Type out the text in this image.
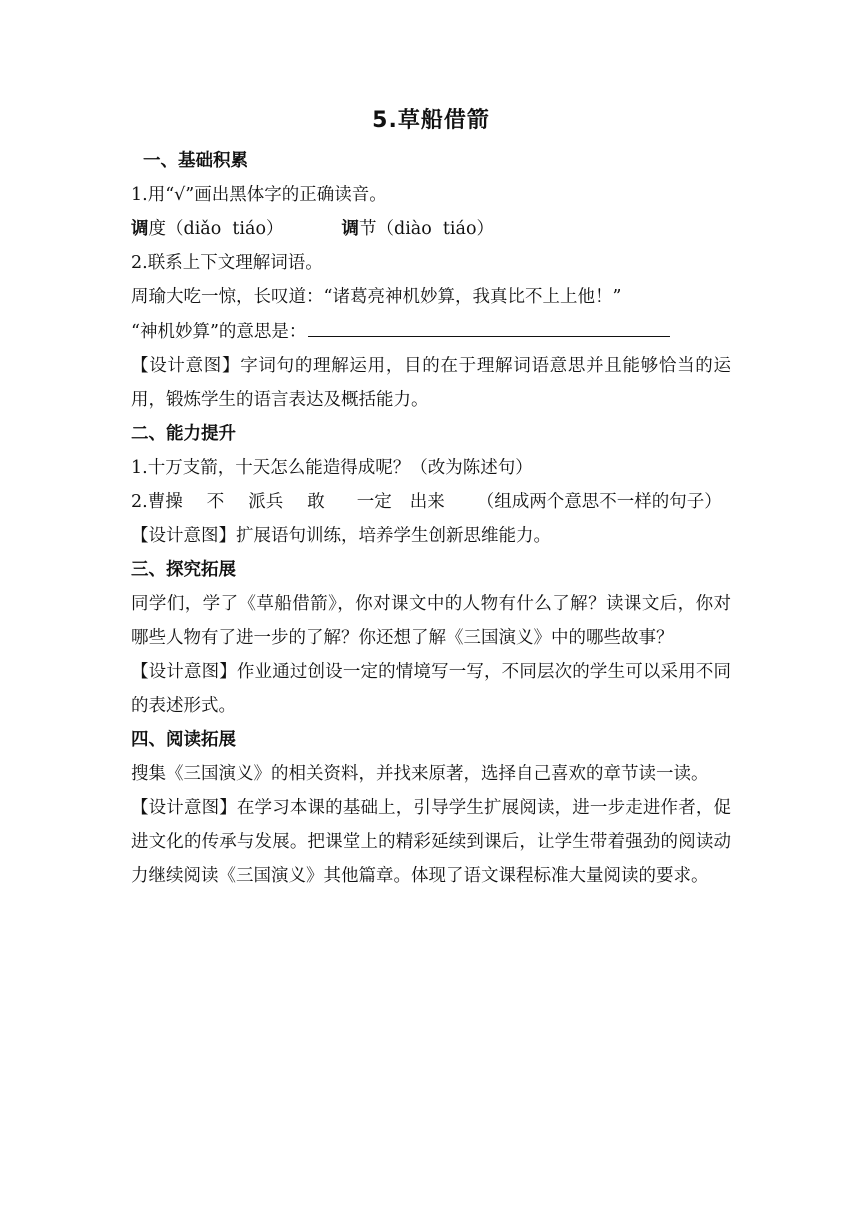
5.草船借箭
一、基础积累
1.用“√”画出黑体字的正确读音。
调度（diǎo  tiáo）	调节（diào  tiáo）
2.联系上下文理解词语。
周瑜大吃一惊，长叹道：“诸葛亮神机妙算，我真比不上上他！”
“神机妙算”的意思是：
【设计意图】字词句的理解运用，目的在于理解词语意思并且能够恰当的运用，锻炼学生的语言表达及概括能力。
二、能力提升
1.十万支箭，十天怎么能造得成呢？（改为陈述句）
2.曹操 不 派兵 敢 一定 出来 （组成两个意思不一样的句子）
【设计意图】扩展语句训练，培养学生创新思维能力。
三、探究拓展
同学们，学了《草船借箭》，你对课文中的人物有什么了解？读课文后，你对哪些人物有了进一步的了解？你还想了解《三国演义》中的哪些故事？
【设计意图】作业通过创设一定的情境写一写，不同层次的学生可以采用不同的表述形式。
四、阅读拓展
搜集《三国演义》的相关资料，并找来原著，选择自己喜欢的章节读一读。
【设计意图】在学习本课的基础上，引导学生扩展阅读，进一步走进作者，促进文化的传承与发展。把课堂上的精彩延续到课后，让学生带着强劲的阅读动力继续阅读《三国演义》其他篇章。体现了语文课程标准大量阅读的要求。
